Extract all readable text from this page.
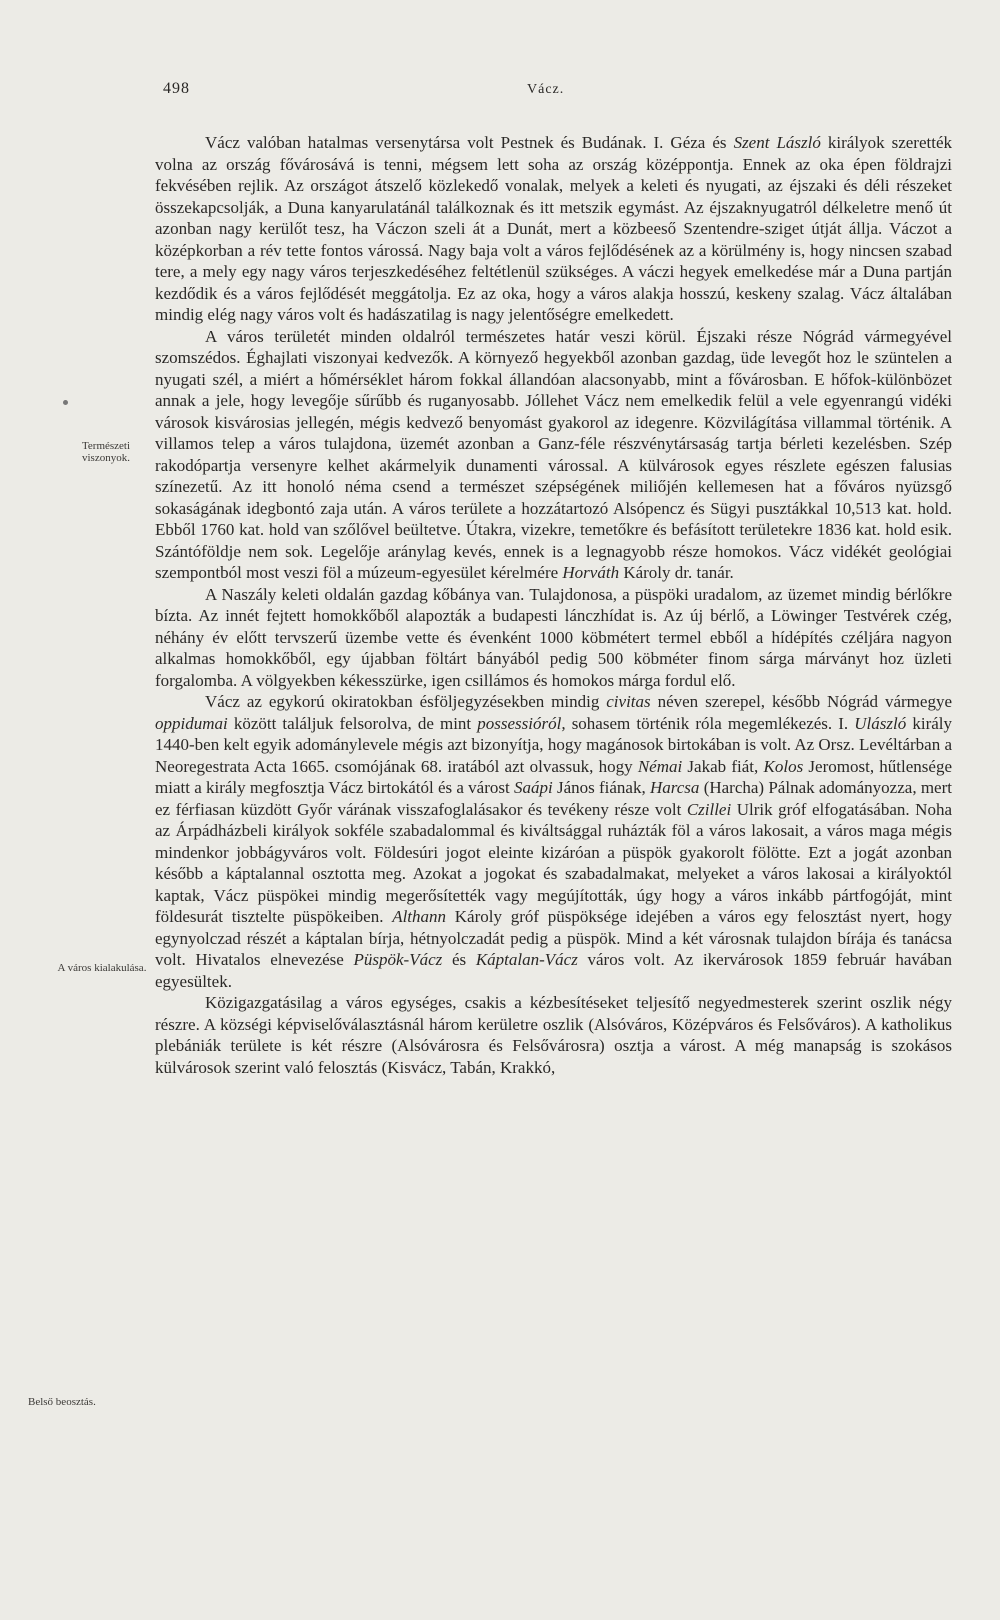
498	Vácz.
Természeti viszonyok.
A város kialakulása.
Belső beosztás.

Vácz valóban hatalmas versenytársa volt Pestnek és Budának. I. Géza és Szent László királyok szerették volna az ország fővárosává is tenni, mégsem lett soha az ország középpontja. Ennek az oka épen földrajzi fekvésében rejlik. Az országot átszelő közlekedő vonalak, melyek a keleti és nyugati, az éjszaki és déli részeket összekapcsolják, a Duna kanyarulatánál találkoznak és itt metszik egymást. Az éjszaknyugatról délkeletre menő út azonban nagy kerülőt tesz, ha Váczon szeli át a Dunát, mert a közbeeső Szentendre-sziget útját állja. Váczot a középkorban a rév tette fontos várossá. Nagy baja volt a város fejlődésének az a körülmény is, hogy nincsen szabad tere, a mely egy nagy város terjeszkedéséhez feltétlenül szükséges. A váczi hegyek emelkedése már a Duna partján kezdődik és a város fejlődését meggátolja. Ez az oka, hogy a város alakja hosszú, keskeny szalag. Vácz általában mindig elég nagy város volt és hadászatilag is nagy jelentőségre emelkedett.

A város területét minden oldalról természetes határ veszi körül. Éjszaki része Nógrád vármegyével szomszédos. Éghajlati viszonyai kedvezők. A környező hegyekből azonban gazdag, üde levegőt hoz le szüntelen a nyugati szél, a miért a hőmérséklet három fokkal állandóan alacsonyabb, mint a fővárosban. E hőfok-különbözet annak a jele, hogy levegője sűrűbb és ruganyosabb. Jóllehet Vácz nem emelkedik felül a vele egyenrangú vidéki városok kisvárosias jellegén, mégis kedvező benyomást gyakorol az idegenre. Közvilágítása villammal történik. A villamos telep a város tulajdona, üzemét azonban a Ganz-féle részvénytársaság tartja bérleti kezelésben. Szép rakodópartja versenyre kelhet akármelyik dunamenti várossal. A külvárosok egyes részlete egészen falusias színezetű. Az itt honoló néma csend a természet szépségének miliőjén kellemesen hat a főváros nyüzsgő sokaságának idegbontó zaja után. A város területe a hozzátartozó Alsópencz és Sügyi pusztákkal 10,513 kat. hold. Ebből 1760 kat. hold van szőlővel beültetve. Útakra, vizekre, temetőkre és befásított területekre 1836 kat. hold esik. Szántóföldje nem sok. Legelője aránylag kevés, ennek is a legnagyobb része homokos. Vácz vidékét geológiai szempontból most veszi föl a múzeum-egyesület kérelmére Horváth Károly dr. tanár.

A Naszály keleti oldalán gazdag kőbánya van. Tulajdonosa, a püspöki uradalom, az üzemet mindig bérlőkre bízta. Az innét fejtett homokkőből alapozták a budapesti lánczhídat is. Az új bérlő, a Löwinger Testvérek czég, néhány év előtt tervszerű üzembe vette és évenként 1000 köbmétert termel ebből a hídépítés czéljára nagyon alkalmas homokkőből, egy újabban föltárt bányából pedig 500 köbméter finom sárga márványt hoz üzleti forgalomba. A völgyekben kékesszürke, igen csillámos és homokos márga fordul elő.

Vácz az egykorú okiratokban ésföljegyzésekben mindig civitas néven szerepel, később Nógrád vármegye oppidumai között találjuk felsorolva, de mint possessióról, sohasem történik róla megemlékezés. I. Ulászló király 1440-ben kelt egyik adománylevele mégis azt bizonyítja, hogy magánosok birtokában is volt. Az Orsz. Levéltárban a Neoregestrata Acta 1665. csomójának 68. iratából azt olvassuk, hogy Némai Jakab fiát, Kolos Jeromost, hűtlensége miatt a király megfosztja Vácz birtokától és a várost Saápi János fiának, Harcsa (Harcha) Pálnak adományozza, mert ez férfiasan küzdött Győr várának visszafoglalásakor és tevékeny része volt Czillei Ulrik gróf elfogatásában. Noha az Árpádházbeli királyok sokféle szabadalommal és kiváltsággal ruházták föl a város lakosait, a város maga mégis mindenkor jobbágyváros volt. Földesúri jogot eleinte kizáróan a püspök gyakorolt fölötte. Ezt a jogát azonban később a káptalannal osztotta meg. Azokat a jogokat és szabadalmakat, melyeket a város lakosai a királyoktól kaptak, Vácz püspökei mindig megerősítették vagy megújították, úgy hogy a város inkább pártfogóját, mint földesurát tisztelte püspökeiben. Althann Károly gróf püspöksége idejében a város egy felosztást nyert, hogy egynyolczad részét a káptalan bírja, hétnyolczadát pedig a püspök. Mind a két városnak tulajdon bírája és tanácsa volt. Hivatalos elnevezése Püspök-Vácz és Káptalan-Vácz város volt. Az ikervárosok 1859 február havában egyesültek.

Közigazgatásilag a város egységes, csakis a kézbesítéseket teljesítő negyedmesterek szerint oszlik négy részre. A községi képviselőválasztásnál három kerületre oszlik (Alsóváros, Középváros és Felsőváros). A katholikus plebániák területe is két részre (Alsóvárosra és Felsővárosra) osztja a várost. A még manapság is szokásos külvárosok szerint való felosztás (Kisvácz, Tabán, Krakkó,
